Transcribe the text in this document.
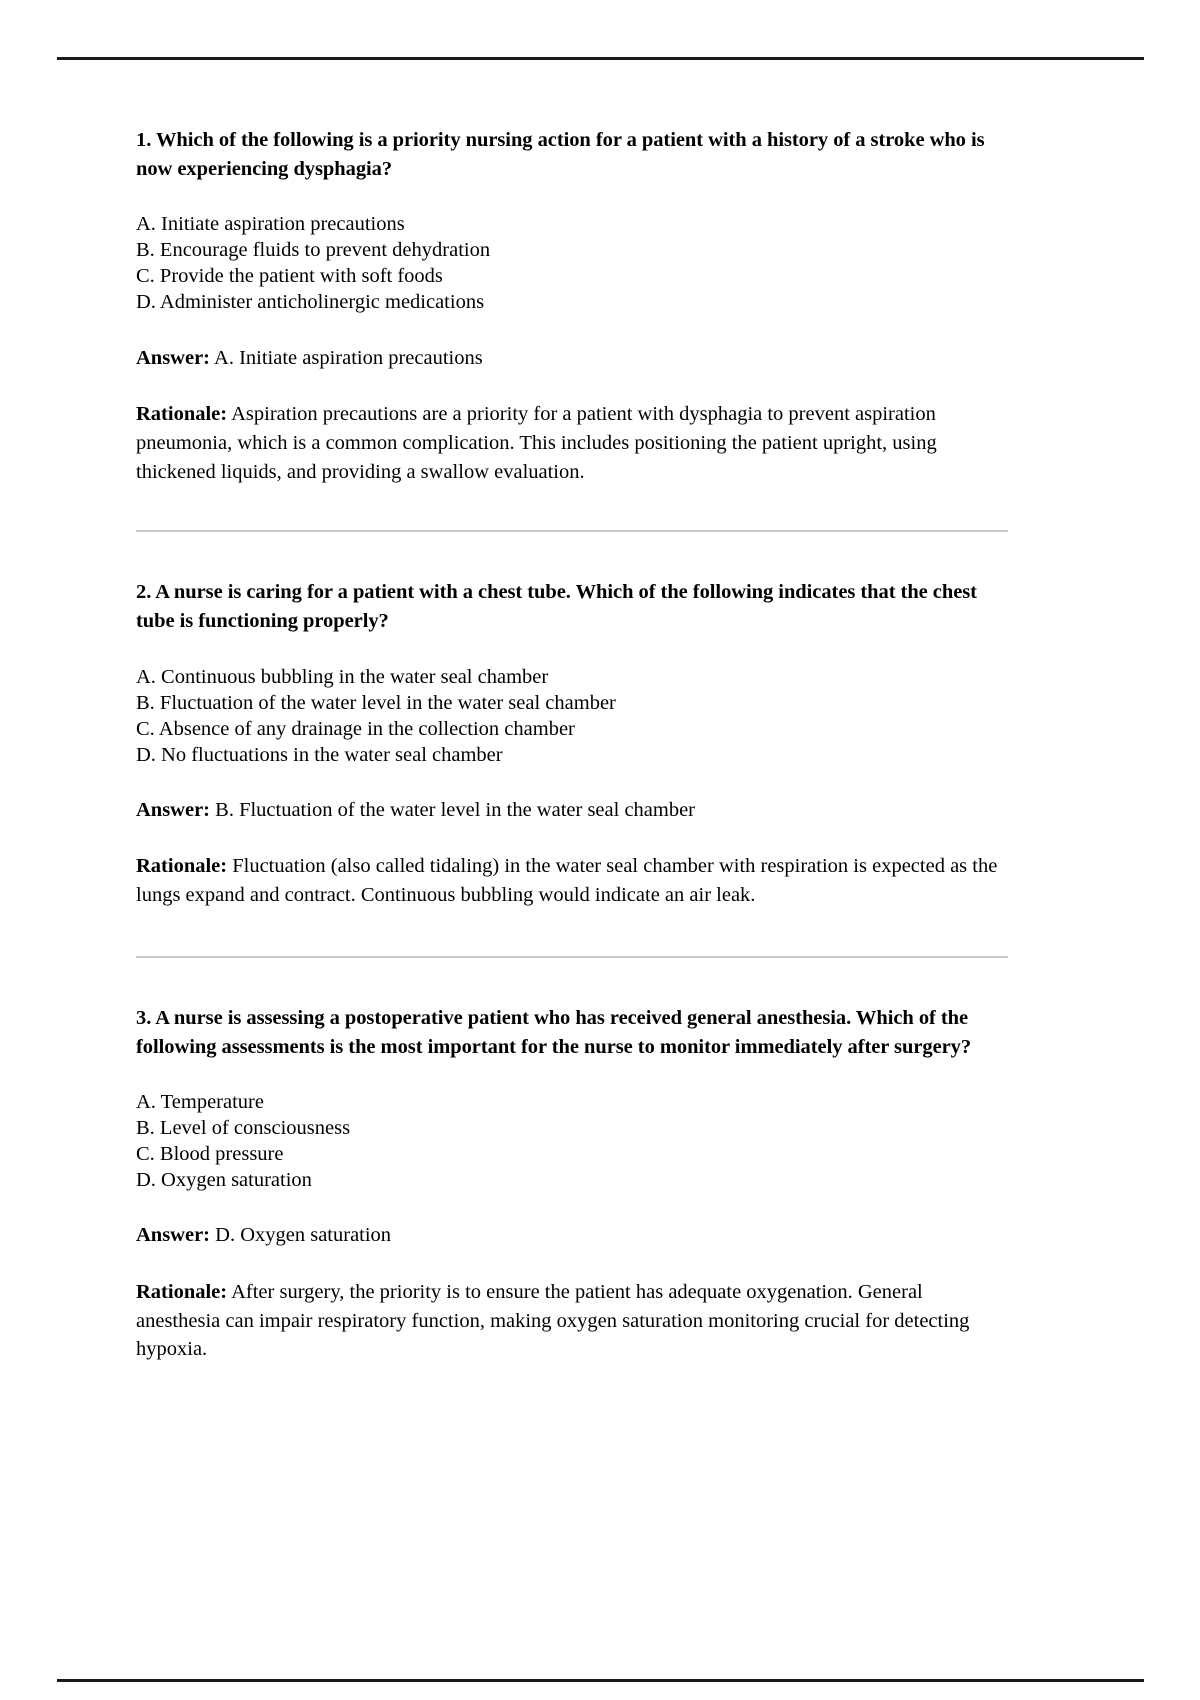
1. Which of the following is a priority nursing action for a patient with a history of a stroke who is now experiencing dysphagia?

A. Initiate aspiration precautions
B. Encourage fluids to prevent dehydration
C. Provide the patient with soft foods
D. Administer anticholinergic medications

Answer: A. Initiate aspiration precautions

Rationale: Aspiration precautions are a priority for a patient with dysphagia to prevent aspiration pneumonia, which is a common complication. This includes positioning the patient upright, using thickened liquids, and providing a swallow evaluation.

2. A nurse is caring for a patient with a chest tube. Which of the following indicates that the chest tube is functioning properly?

A. Continuous bubbling in the water seal chamber
B. Fluctuation of the water level in the water seal chamber
C. Absence of any drainage in the collection chamber
D. No fluctuations in the water seal chamber

Answer: B. Fluctuation of the water level in the water seal chamber

Rationale: Fluctuation (also called tidaling) in the water seal chamber with respiration is expected as the lungs expand and contract. Continuous bubbling would indicate an air leak.

3. A nurse is assessing a postoperative patient who has received general anesthesia. Which of the following assessments is the most important for the nurse to monitor immediately after surgery?

A. Temperature
B. Level of consciousness
C. Blood pressure
D. Oxygen saturation

Answer: D. Oxygen saturation

Rationale: After surgery, the priority is to ensure the patient has adequate oxygenation. General anesthesia can impair respiratory function, making oxygen saturation monitoring crucial for detecting hypoxia.
